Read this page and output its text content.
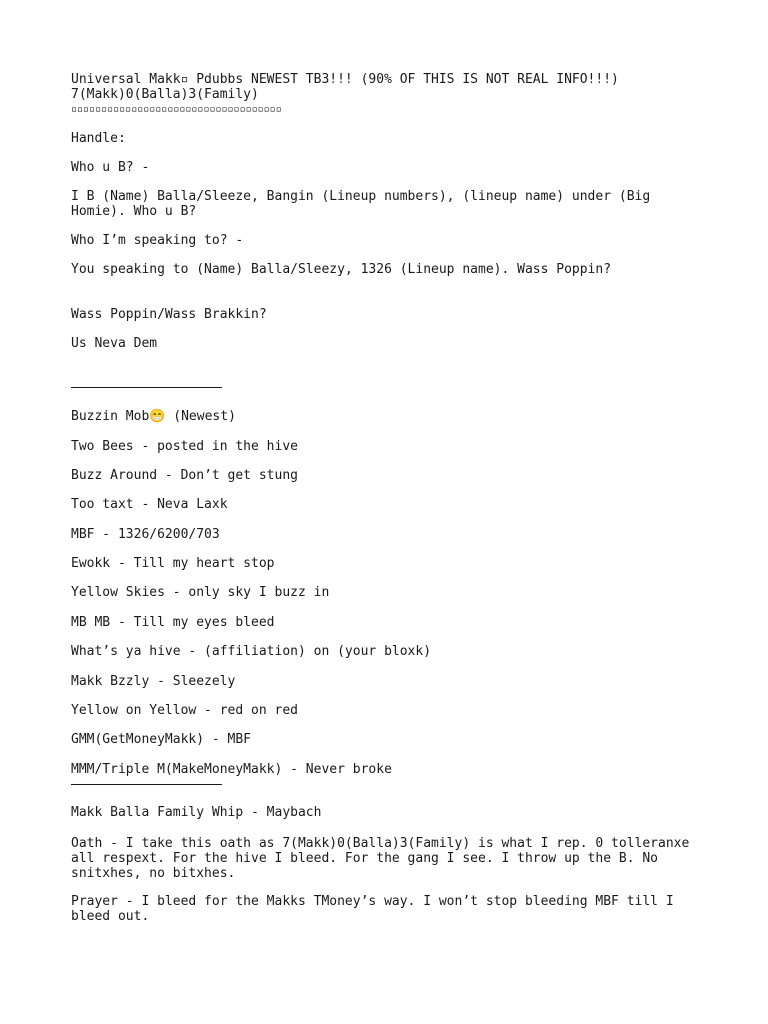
Universal Makk▫ Pdubbs NEWEST TB3!!! (90% OF THIS IS NOT REAL INFO!!!)
7(Makk)0(Balla)3(Family)
▫▫▫▫▫▫▫▫▫▫▫▫▫▫▫▫▫▫▫▫▫▫▫▫▫▫▫▫▫▫▫▫▫▫▫
Handle:
Who u B? -
I B (Name) Balla/Sleeze, Bangin (Lineup numbers), (lineup name) under (Big Homie). Who u B?
Who I’m speaking to? -
You speaking to (Name) Balla/Sleezy, 1326 (Lineup name). Wass Poppin?
Wass Poppin/Wass Brakkin?
Us Neva Dem
Buzzin Mob😁 (Newest)
Two Bees - posted in the hive
Buzz Around - Don’t get stung
Too taxt - Neva Laxk
MBF - 1326/6200/703
Ewokk - Till my heart stop
Yellow Skies - only sky I buzz in
MB MB - Till my eyes bleed
What’s ya hive - (affiliation) on (your bloxk)
Makk Bzzly - Sleezely
Yellow on Yellow - red on red
GMM(GetMoneyMakk) - MBF
MMM/Triple M(MakeMoneyMakk) - Never broke
Makk Balla Family Whip - Maybach
Oath - I take this oath as 7(Makk)0(Balla)3(Family) is what I rep. 0 tolleranxe all respext. For the hive I bleed. For the gang I see. I throw up the B. No snitxhes, no bitxhes.
Prayer - I bleed for the Makks TMoney’s way. I won’t stop bleeding MBF till I bleed out.
